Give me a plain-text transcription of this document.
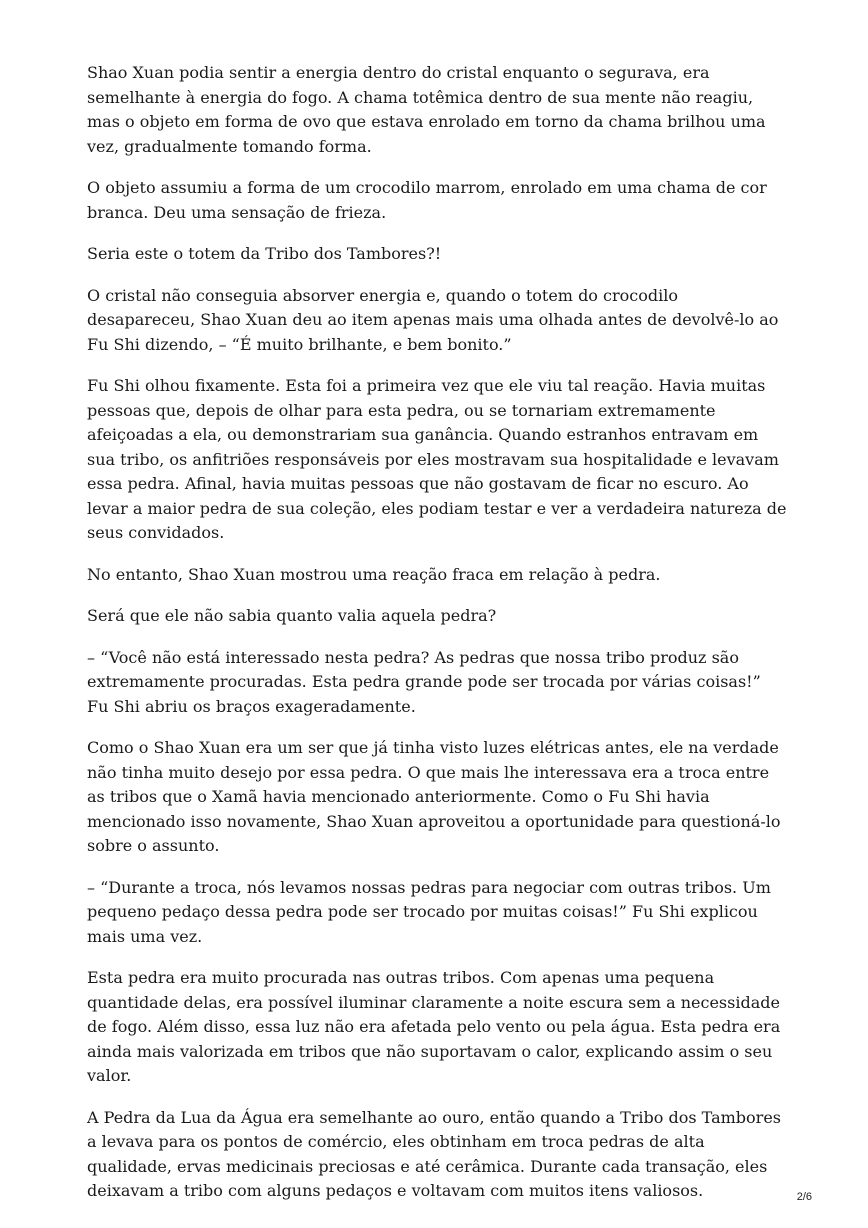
Shao Xuan podia sentir a energia dentro do cristal enquanto o segurava, era semelhante à energia do fogo. A chama totêmica dentro de sua mente não reagiu, mas o objeto em forma de ovo que estava enrolado em torno da chama brilhou uma vez, gradualmente tomando forma.

O objeto assumiu a forma de um crocodilo marrom, enrolado em uma chama de cor branca. Deu uma sensação de frieza.

Seria este o totem da Tribo dos Tambores?!

O cristal não conseguia absorver energia e, quando o totem do crocodilo desapareceu, Shao Xuan deu ao item apenas mais uma olhada antes de devolvê-lo ao Fu Shi dizendo, – “É muito brilhante, e bem bonito.”

Fu Shi olhou fixamente. Esta foi a primeira vez que ele viu tal reação. Havia muitas pessoas que, depois de olhar para esta pedra, ou se tornariam extremamente afeiçoadas a ela, ou demonstrariam sua ganância. Quando estranhos entravam em sua tribo, os anfitriões responsáveis por eles mostravam sua hospitalidade e levavam essa pedra. Afinal, havia muitas pessoas que não gostavam de ficar no escuro. Ao levar a maior pedra de sua coleção, eles podiam testar e ver a verdadeira natureza de seus convidados.

No entanto, Shao Xuan mostrou uma reação fraca em relação à pedra.

Será que ele não sabia quanto valia aquela pedra?

– “Você não está interessado nesta pedra? As pedras que nossa tribo produz são extremamente procuradas. Esta pedra grande pode ser trocada por várias coisas!” Fu Shi abriu os braços exageradamente.

Como o Shao Xuan era um ser que já tinha visto luzes elétricas antes, ele na verdade não tinha muito desejo por essa pedra. O que mais lhe interessava era a troca entre as tribos que o Xamã havia mencionado anteriormente. Como o Fu Shi havia mencionado isso novamente, Shao Xuan aproveitou a oportunidade para questioná-lo sobre o assunto.

– “Durante a troca, nós levamos nossas pedras para negociar com outras tribos. Um pequeno pedaço dessa pedra pode ser trocado por muitas coisas!” Fu Shi explicou mais uma vez.

Esta pedra era muito procurada nas outras tribos. Com apenas uma pequena quantidade delas, era possível iluminar claramente a noite escura sem a necessidade de fogo. Além disso, essa luz não era afetada pelo vento ou pela água. Esta pedra era ainda mais valorizada em tribos que não suportavam o calor, explicando assim o seu valor.

A Pedra da Lua da Água era semelhante ao ouro, então quando a Tribo dos Tambores a levava para os pontos de comércio, eles obtinham em troca pedras de alta qualidade, ervas medicinais preciosas e até cerâmica. Durante cada transação, eles deixavam a tribo com alguns pedaços e voltavam com muitos itens valiosos.	2/6
